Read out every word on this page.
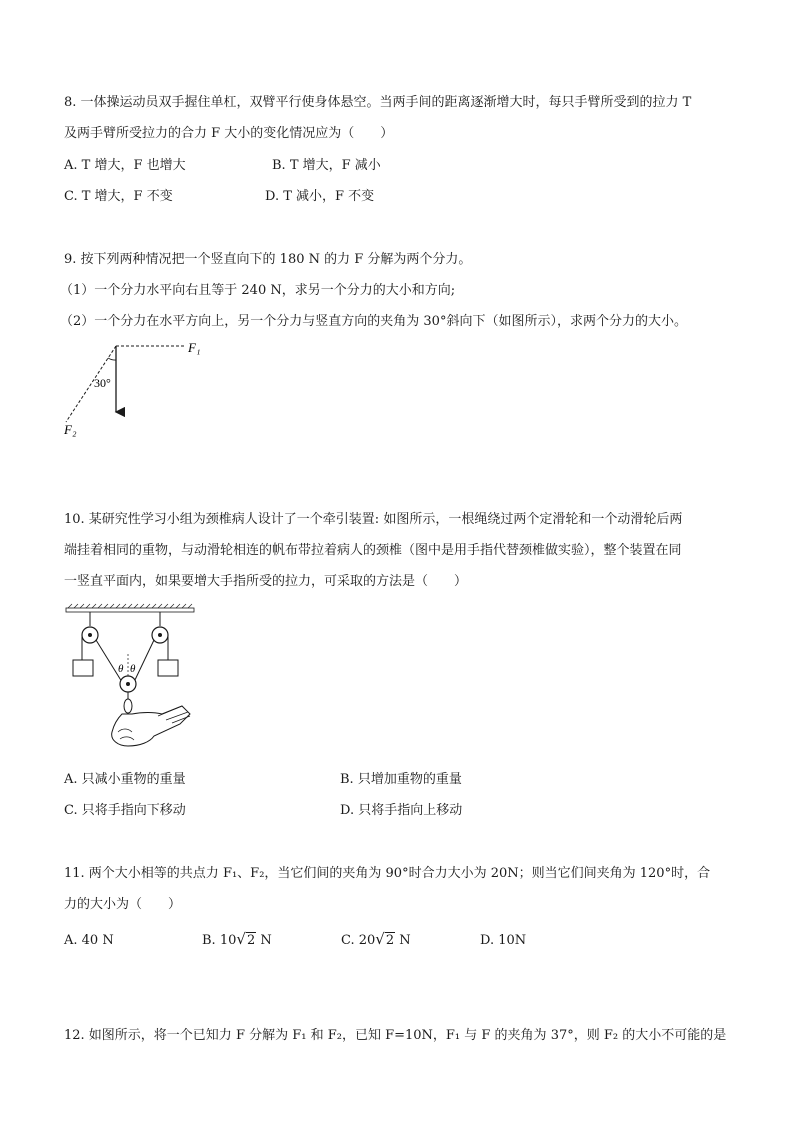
8. 一体操运动员双手握住单杠，双臂平行使身体悬空。当两手间的距离逐渐增大时，每只手臂所受到的拉力 T
及两手臂所受拉力的合力 F 大小的变化情况应为（　　）
A. T 增大，F 也增大	B. T 增大，F 减小
C. T 增大，F 不变	D. T 减小，F 不变
9. 按下列两种情况把一个竖直向下的 180 N 的力 F 分解为两个分力。
（1）一个分力水平向右且等于 240 N，求另一个分力的大小和方向;
（2）一个分力在水平方向上，另一个分力与竖直方向的夹角为 30°斜向下（如图所示），求两个分力的大小。
F₁
30°
F₂
10. 某研究性学习小组为颈椎病人设计了一个牵引装置: 如图所示，一根绳绕过两个定滑轮和一个动滑轮后两
端挂着相同的重物，与动滑轮相连的帆布带拉着病人的颈椎（图中是用手指代替颈椎做实验），整个装置在同
一竖直平面内，如果要增大手指所受的拉力，可采取的方法是（　　）
θ θ
A. 只减小重物的重量	B. 只增加重物的重量
C. 只将手指向下移动	D. 只将手指向上移动
11. 两个大小相等的共点力 F₁、F₂，当它们间的夹角为 90°时合力大小为 20N；则当它们间夹角为 120°时，合
力的大小为（　　）
A. 40 N	B. 10√2 N	C. 20√2 N	D. 10N
12. 如图所示，将一个已知力 F 分解为 F₁ 和 F₂，已知 F=10N，F₁ 与 F 的夹角为 37°，则 F₂ 的大小不可能的是
